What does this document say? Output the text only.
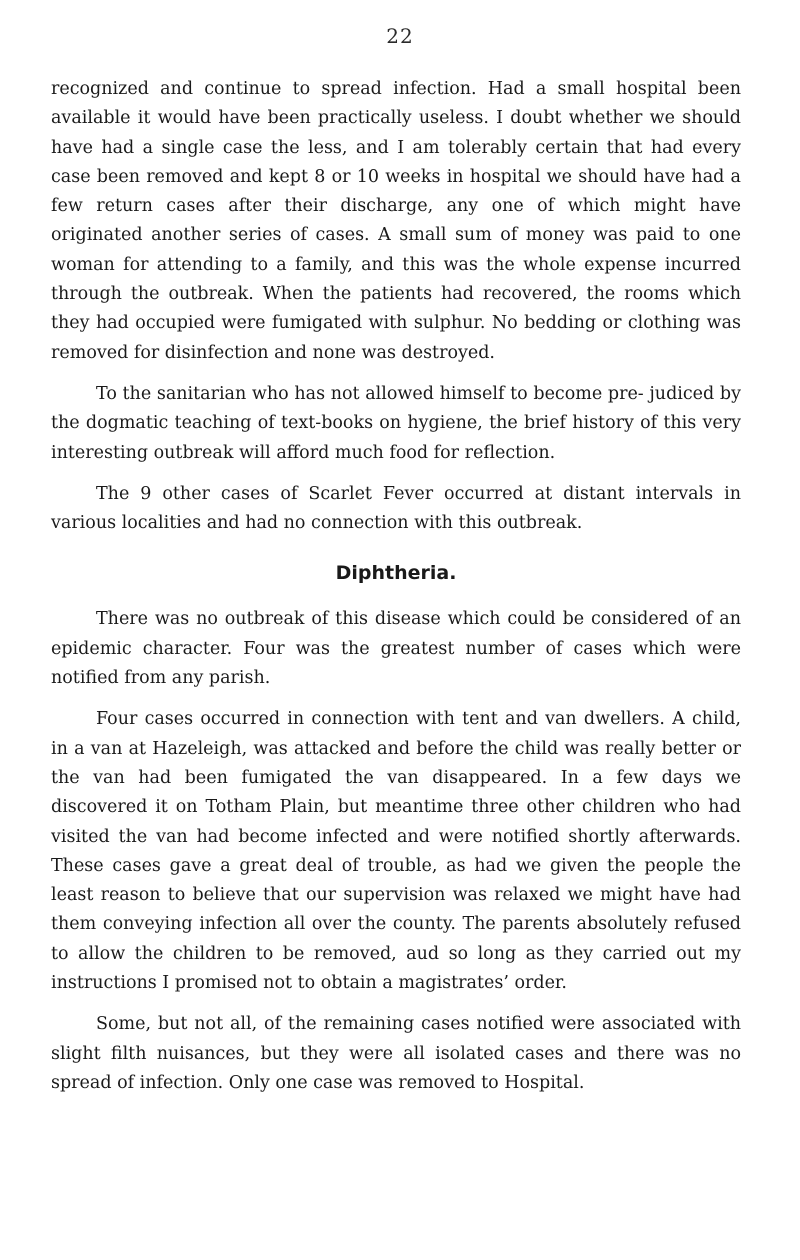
22

recognized and continue to spread infection. Had a small hospital been available it would have been practically useless. I doubt whether we should have had a single case the less, and I am tolerably certain that had every case been removed and kept 8 or 10 weeks in hospital we should have had a few return cases after their discharge, any one of which might have originated another series of cases. A small sum of money was paid to one woman for attending to a family, and this was the whole expense incurred through the outbreak. When the patients had recovered, the rooms which they had occupied were fumigated with sulphur. No bedding or clothing was removed for disinfection and none was destroyed.

To the sanitarian who has not allowed himself to become pre- judiced by the dogmatic teaching of text-books on hygiene, the brief history of this very interesting outbreak will afford much food for reflection.

The 9 other cases of Scarlet Fever occurred at distant intervals in various localities and had no connection with this outbreak.

Diphtheria.

There was no outbreak of this disease which could be considered of an epidemic character. Four was the greatest number of cases which were notified from any parish.

Four cases occurred in connection with tent and van dwellers. A child, in a van at Hazeleigh, was attacked and before the child was really better or the van had been fumigated the van disappeared. In a few days we discovered it on Totham Plain, but meantime three other children who had visited the van had become infected and were notified shortly afterwards. These cases gave a great deal of trouble, as had we given the people the least reason to believe that our supervision was relaxed we might have had them conveying infection all over the county. The parents absolutely refused to allow the children to be removed, aud so long as they carried out my instructions I promised not to obtain a magistrates’ order.

Some, but not all, of the remaining cases notified were associated with slight filth nuisances, but they were all isolated cases and there was no spread of infection. Only one case was removed to Hospital.
